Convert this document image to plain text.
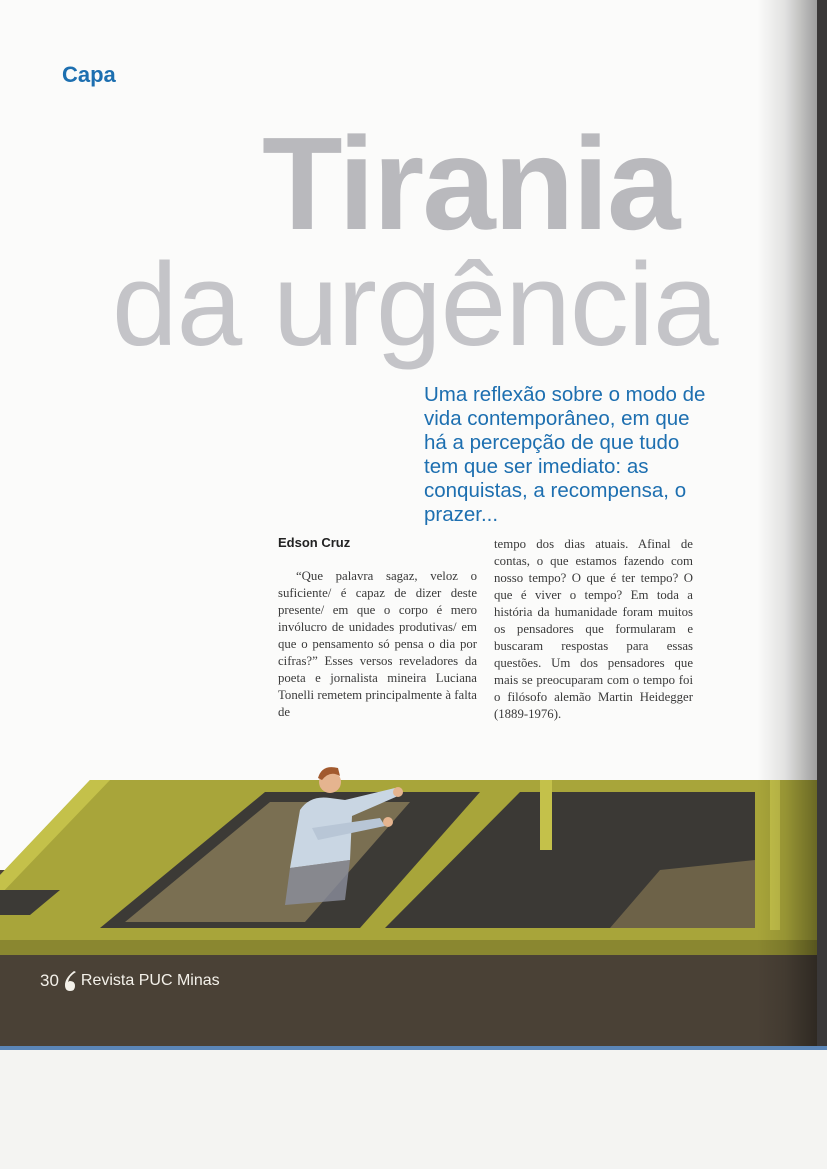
Capa
Tirania
da urgência
Uma reflexão sobre o modo de vida contemporâneo, em que há a percepção de que tudo tem que ser imediato: as conquistas, a recompensa, o prazer...
Edson Cruz
“Que palavra sagaz, veloz o suficiente/ é capaz de dizer deste presente/ em que o corpo é mero invólucro de unidades produtivas/ em que o pensamento só pensa o dia por cifras?” Esses versos reveladores da poeta e jornalista mineira Luciana Tonelli remetem principalmente à falta de
tempo dos dias atuais. Afinal de contas, o que estamos fazendo com nosso tempo? O que é ter tempo? O que é viver o tempo? Em toda a história da humanidade foram muitos os pensadores que formularam e buscaram respostas para essas questões. Um dos pensadores que mais se preocuparam com o tempo foi o filósofo alemão Martin Heidegger (1889-1976).
30 Revista PUC Minas
